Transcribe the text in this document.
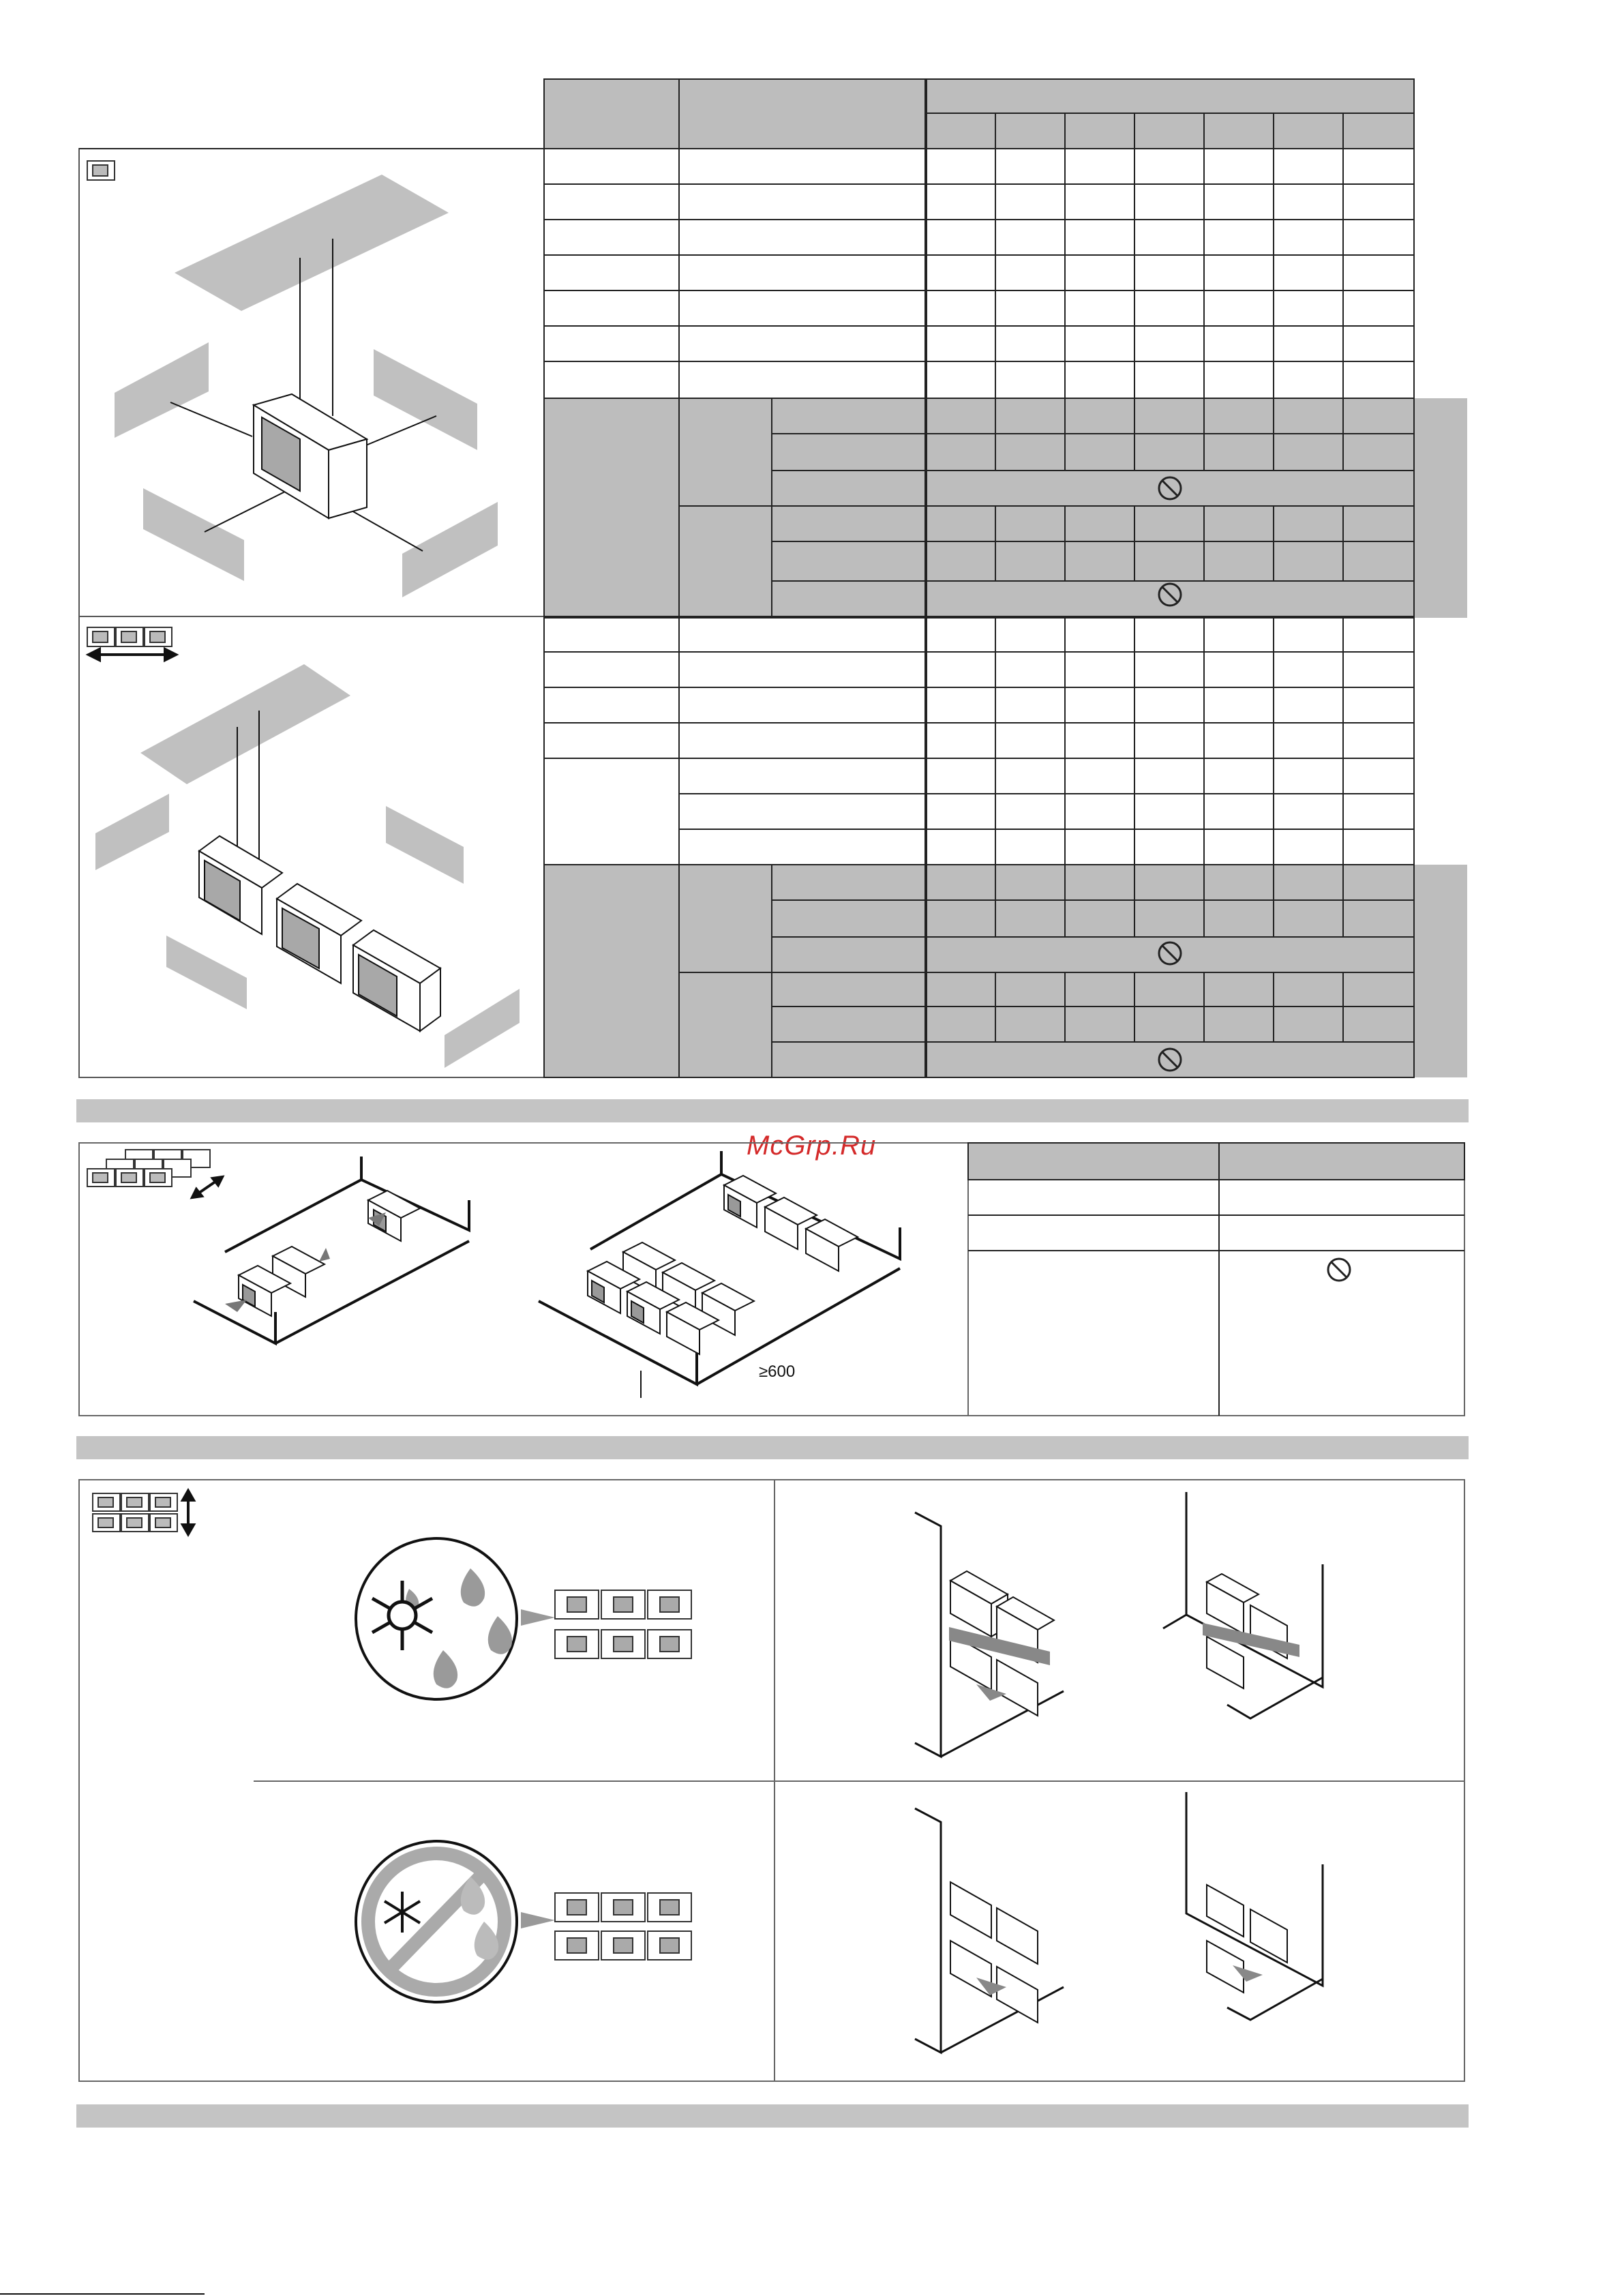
McGrp.Ru
≥600
